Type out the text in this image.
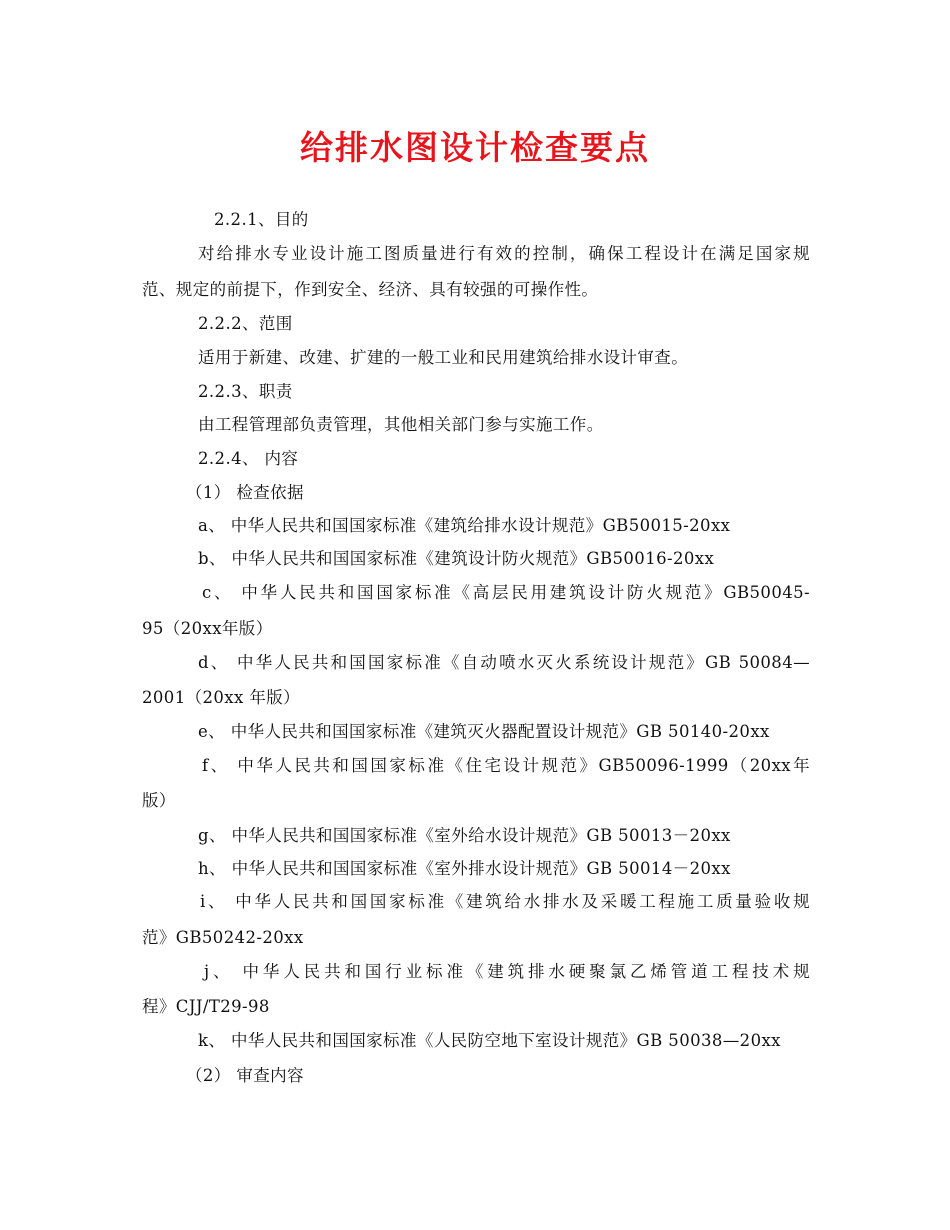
给排水图设计检查要点
2.2.1、目的
对给排水专业设计施工图质量进行有效的控制，确保工程设计在满足国家规
范、规定的前提下，作到安全、经济、具有较强的可操作性。
2.2.2、范围
适用于新建、改建、扩建的一般工业和民用建筑给排水设计审查。
2.2.3、职责
由工程管理部负责管理，其他相关部门参与实施工作。
2.2.4、 内容
（1） 检查依据
a、 中华人民共和国国家标准《建筑给排水设计规范》GB50015-20xx
b、 中华人民共和国国家标准《建筑设计防火规范》GB50016-20xx
c、 中华人民共和国国家标准《高层民用建筑设计防火规范》GB50045-
95（20xx年版）
d、 中华人民共和国国家标准《自动喷水灭火系统设计规范》GB 50084—
2001（20xx 年版）
e、 中华人民共和国国家标准《建筑灭火器配置设计规范》GB 50140-20xx
f、 中华人民共和国国家标准《住宅设计规范》GB50096-1999（20xx年
版）
g、 中华人民共和国国家标准《室外给水设计规范》GB 50013－20xx
h、 中华人民共和国国家标准《室外排水设计规范》GB 50014－20xx
i、 中华人民共和国国家标准《建筑给水排水及采暖工程施工质量验收规
范》GB50242-20xx
j、 中华人民共和国行业标准《建筑排水硬聚氯乙烯管道工程技术规
程》CJJ/T29-98
k、 中华人民共和国国家标准《人民防空地下室设计规范》GB 50038—20xx
（2） 审查内容
